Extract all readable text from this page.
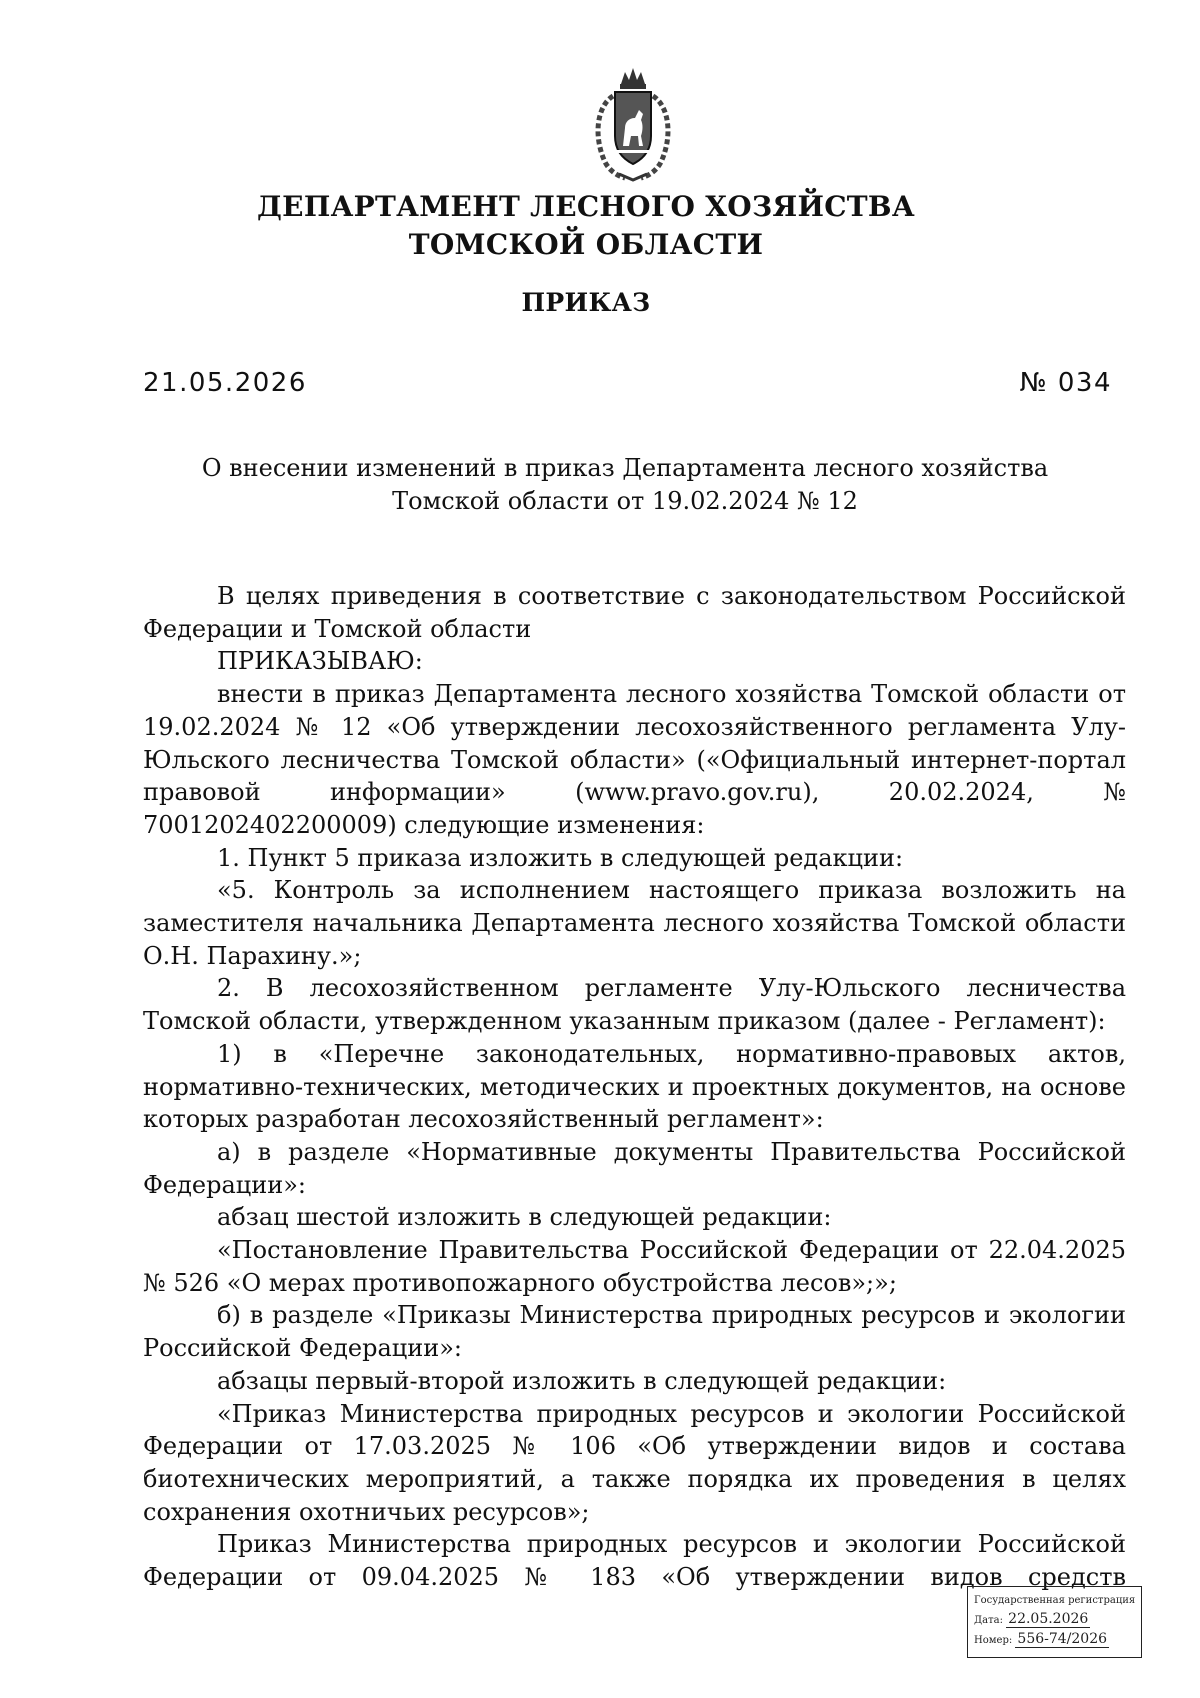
ДЕПАРТАМЕНТ ЛЕСНОГО ХОЗЯЙСТВА
ТОМСКОЙ ОБЛАСТИ
ПРИКАЗ
21.05.2026	№ 034
О внесении изменений в приказ Департамента лесного хозяйства Томской области от 19.02.2024 № 12

В целях приведения в соответствие с законодательством Российской Федерации и Томской области

ПРИКАЗЫВАЮ:

внести в приказ Департамента лесного хозяйства Томской области от 19.02.2024 № 12 «Об утверждении лесохозяйственного регламента Улу-Юльского лесничества Томской области» («Официальный интернет-портал правовой информации» (www.pravo.gov.ru), 20.02.2024, № 7001202402200009) следующие изменения:

1. Пункт 5 приказа изложить в следующей редакции:

«5. Контроль за исполнением настоящего приказа возложить на заместителя начальника Департамента лесного хозяйства Томской области О.Н. Парахину.»;

2. В лесохозяйственном регламенте Улу-Юльского лесничества Томской области, утвержденном указанным приказом (далее - Регламент):

1) в «Перечне законодательных, нормативно-правовых актов, нормативно-технических, методических и проектных документов, на основе которых разработан лесохозяйственный регламент»:

а) в разделе «Нормативные документы Правительства Российской Федерации»:

абзац шестой изложить в следующей редакции:

«Постановление Правительства Российской Федерации от 22.04.2025 № 526 «О мерах противопожарного обустройства лесов»;»;

б) в разделе «Приказы Министерства природных ресурсов и экологии Российской Федерации»:

абзацы первый-второй изложить в следующей редакции:

«Приказ Министерства природных ресурсов и экологии Российской Федерации от 17.03.2025 № 106 «Об утверждении видов и состава биотехнических мероприятий, а также порядка их проведения в целях сохранения охотничьих ресурсов»;

Приказ Министерства природных ресурсов и экологии Российской Федерации от 09.04.2025 № 183 «Об утверждении видов средств

Государственная регистрация
Дата: 22.05.2026
Номер: 556-74/2026
